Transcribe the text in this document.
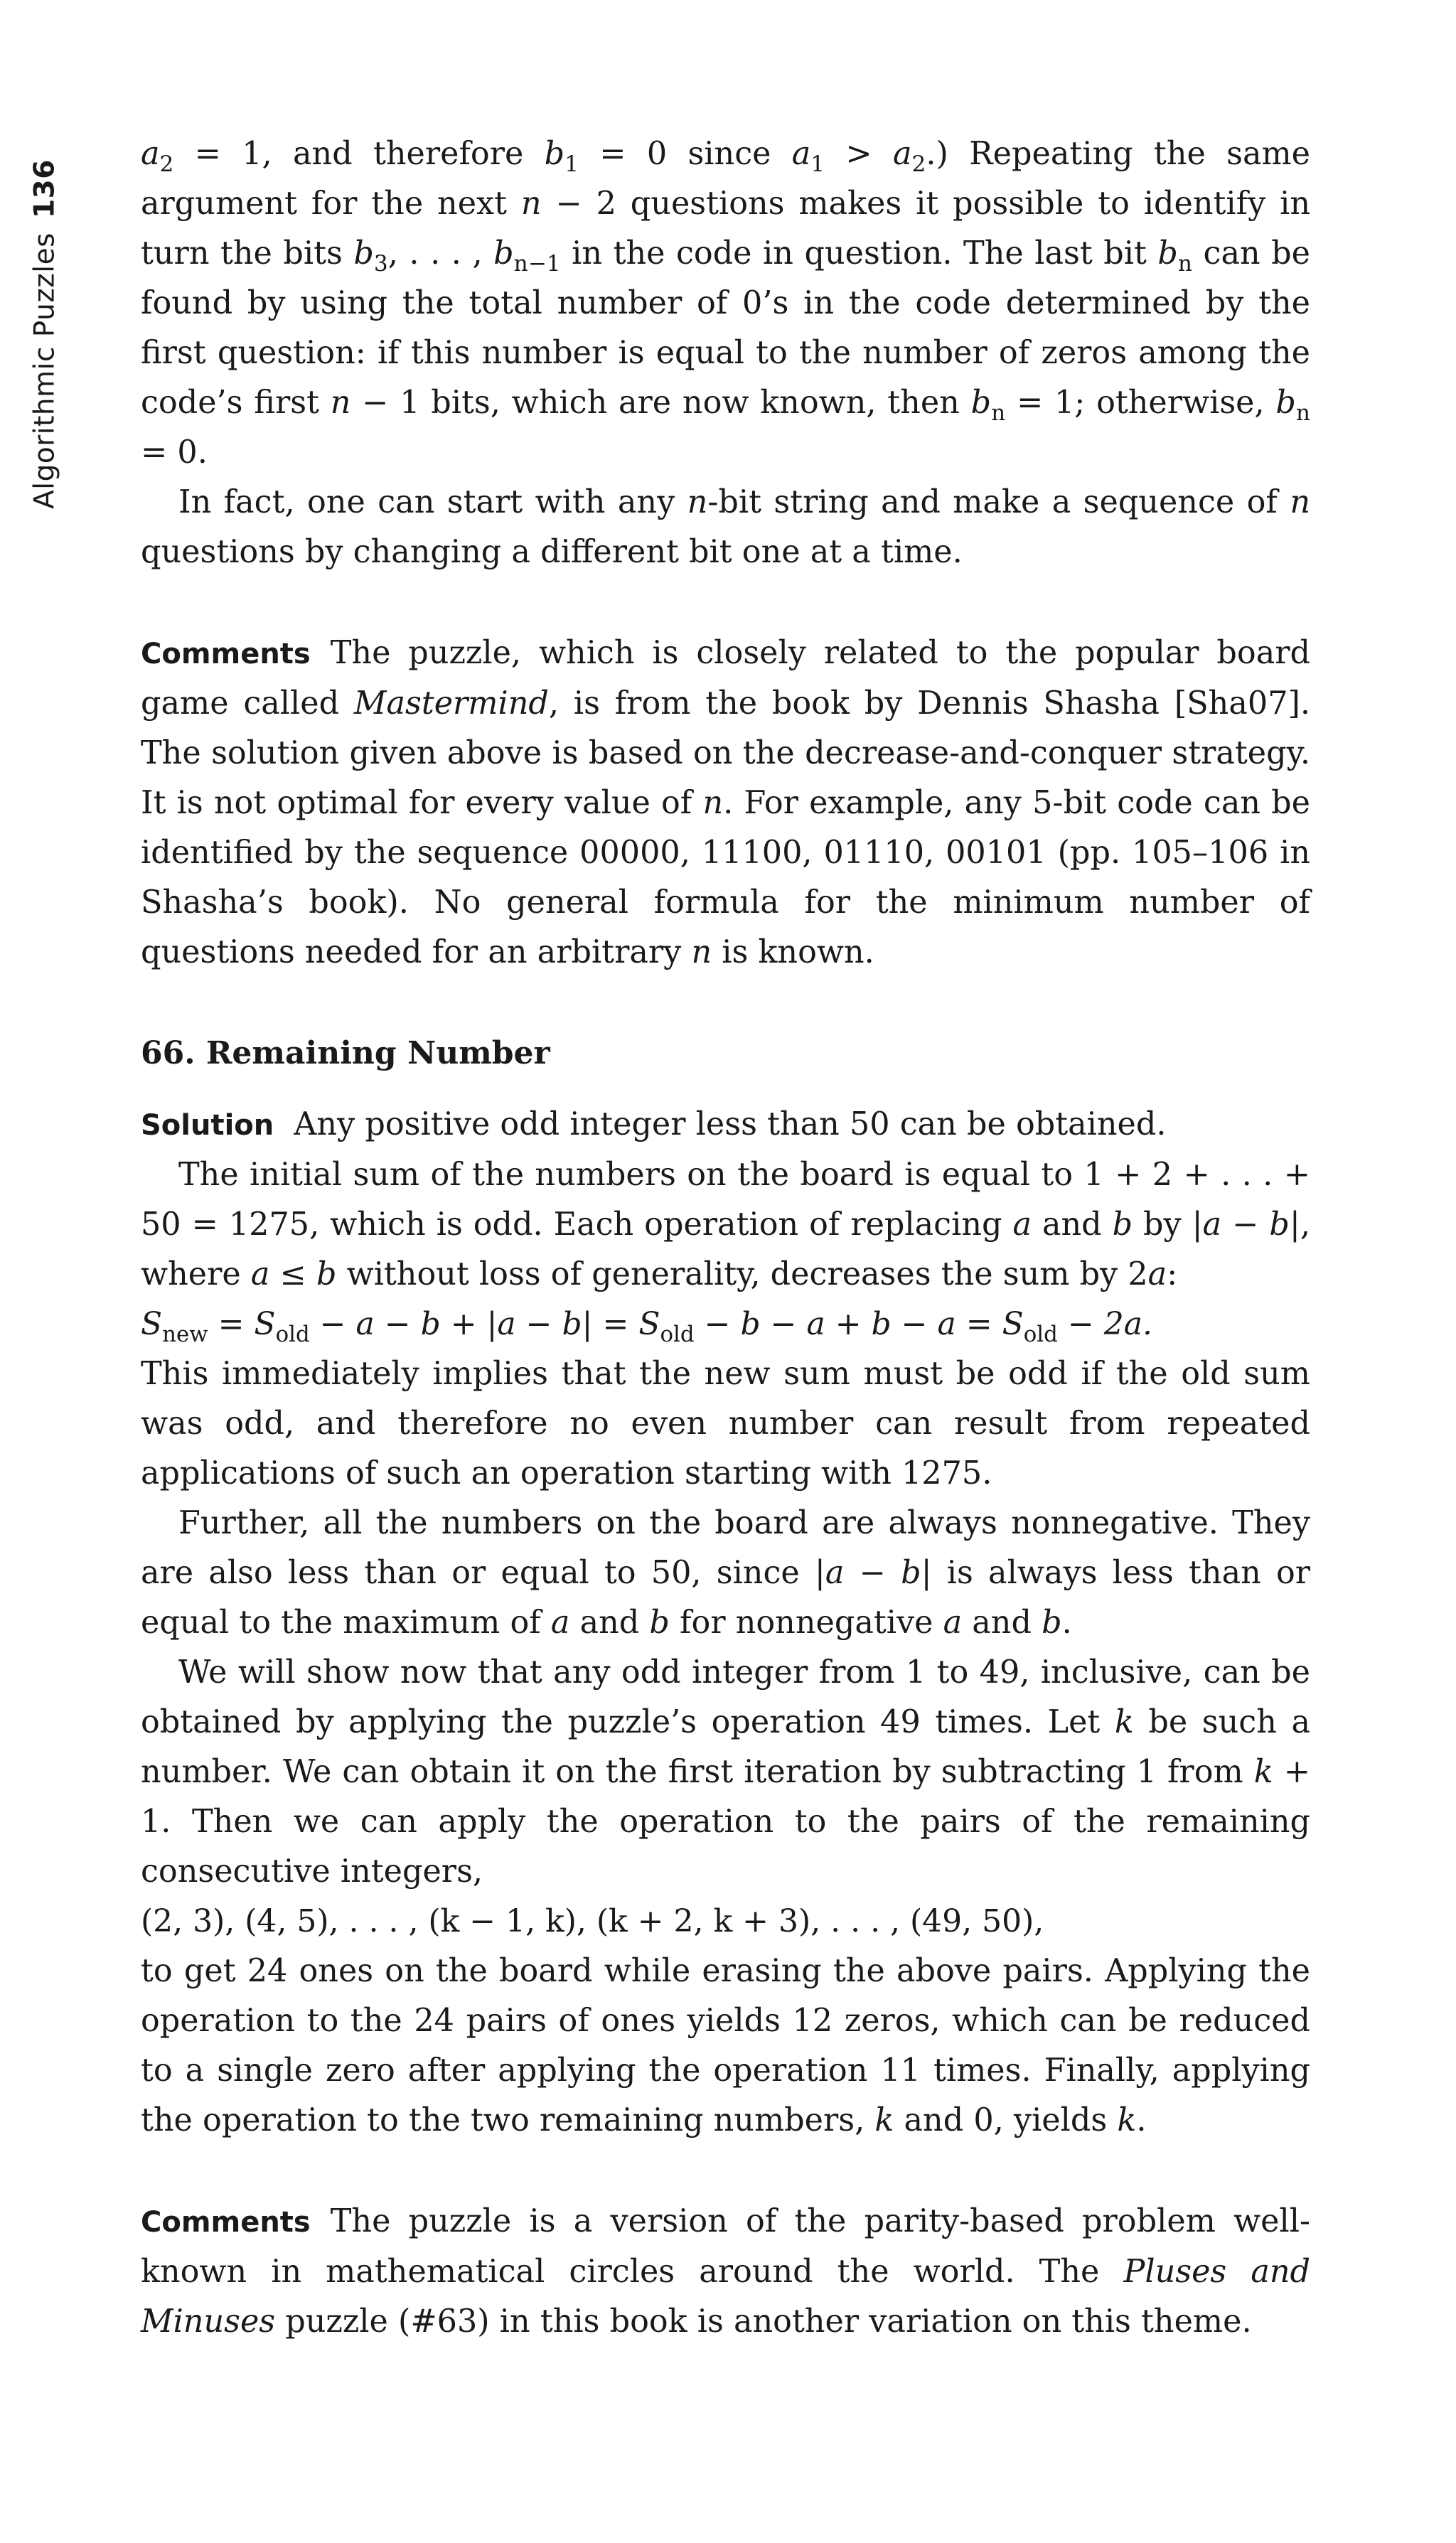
Algorithmic Puzzles136

$a_2 = 1$, and therefore $b_1 = 0$ since $a_1 > a_2$.) Repeating the same argument for the next n − 2 questions makes it possible to identify in turn the bits $b_3$, . . . , $b_{n-1}$ in the code in question. The last bit $b_n$ can be found by using the total number of 0’s in the code determined by the first question: if this number is equal to the number of zeros among the code’s first n − 1 bits, which are now known, then $b_n = 1$; otherwise, $b_n = 0$.

In fact, one can start with any n-bit string and make a sequence of n questions by changing a different bit one at a time.

Comments The puzzle, which is closely related to the popular board game called Mastermind, is from the book by Dennis Shasha [Sha07]. The solution given above is based on the decrease-and-conquer strategy. It is not optimal for every value of n. For example, any 5-bit code can be identified by the sequence 00000, 11100, 01110, 00101 (pp. 105–106 in Shasha’s book). No general formula for the minimum number of questions needed for an arbitrary n is known.

66. Remaining Number

Solution Any positive odd integer less than 50 can be obtained.

The initial sum of the numbers on the board is equal to 1 + 2 + . . . + 50 = 1275, which is odd. Each operation of replacing a and b by |a − b|, where a ≤ b without loss of generality, decreases the sum by 2a:

$S_{new} = S_{old} - a - b + |a - b| = S_{old} - b - a + b - a = S_{old} - 2a$.

This immediately implies that the new sum must be odd if the old sum was odd, and therefore no even number can result from repeated applications of such an operation starting with 1275.

Further, all the numbers on the board are always nonnegative. They are also less than or equal to 50, since |a − b| is always less than or equal to the maximum of a and b for nonnegative a and b.

We will show now that any odd integer from 1 to 49, inclusive, can be obtained by applying the puzzle’s operation 49 times. Let k be such a number. We can obtain it on the first iteration by subtracting 1 from k + 1. Then we can apply the operation to the pairs of the remaining consecutive integers,

(2, 3), (4, 5), . . . , (k − 1, k), (k + 2, k + 3), . . . , (49, 50),

to get 24 ones on the board while erasing the above pairs. Applying the operation to the 24 pairs of ones yields 12 zeros, which can be reduced to a single zero after applying the operation 11 times. Finally, applying the operation to the two remaining numbers, k and 0, yields k.

Comments The puzzle is a version of the parity-based problem well-known in mathematical circles around the world. The Pluses and Minuses puzzle (#63) in this book is another variation on this theme.
